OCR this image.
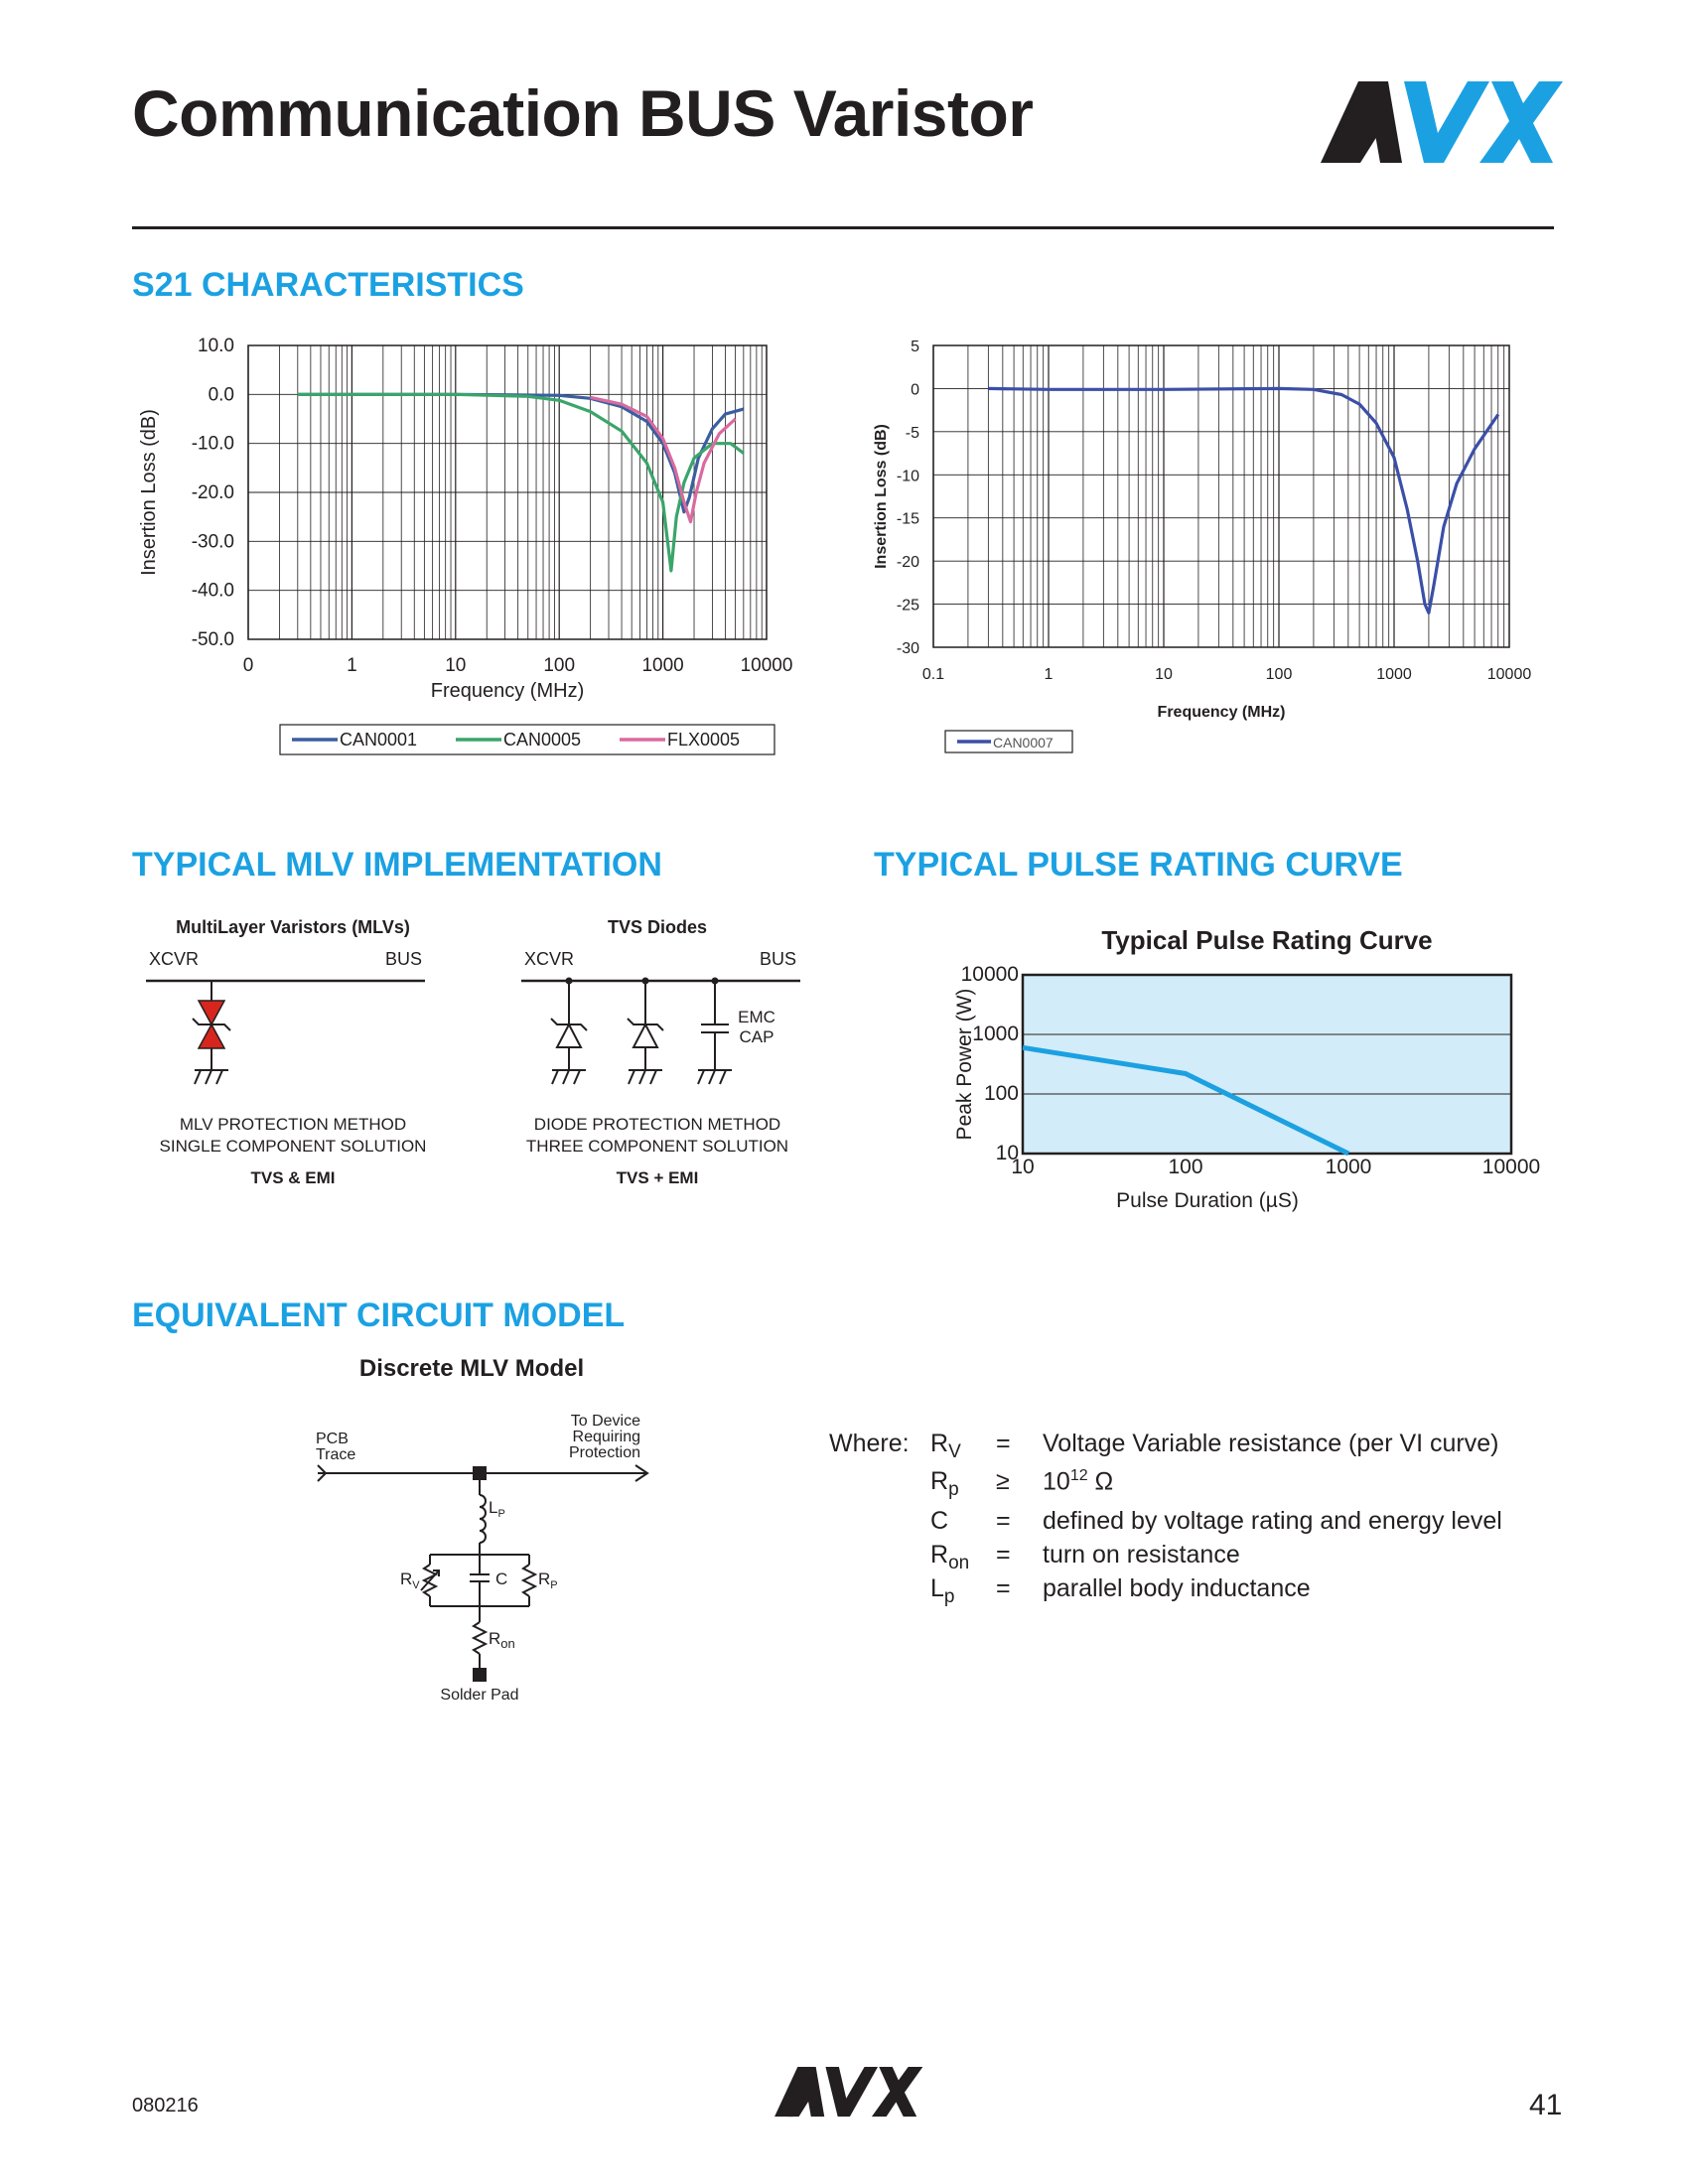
Communication BUS Varistor
S21 CHARACTERISTICS
TYPICAL MLV IMPLEMENTATION	TYPICAL PULSE RATING CURVE
EQUIVALENT CIRCUIT MODEL
10.0
0.0
-10.0
-20.0
-30.0
-40.0
-50.0
0	1	10	100	1000	10000
Frequency (MHz)
Insertion Loss (dB)
CAN0001	CAN0005	FLX0005
5
0
-5
-10
-15
-20
-25
-30
0.1	1	10	100	1000	10000
Frequency (MHz)
Insertion Loss (dB)
CAN0007
Typical Pulse Rating Curve
10000
1000
100
10
10	100	1000	10000
Pulse Duration (µS)
Peak Power (W)
MultiLayer Varistors (MLVs)
XCVR	BUS
MLV PROTECTION METHOD
SINGLE COMPONENT SOLUTION
TVS & EMI
TVS Diodes
XCVR	BUS
EMC
CAP
DIODE PROTECTION METHOD
THREE COMPONENT SOLUTION
TVS + EMI
Discrete MLV Model
PCB
Trace
To Device
Requiring
Protection
$L_P$
$R_V$	C $R_P$
$R_{on}$
Solder Pad
Where: $R_V$ = Voltage Variable resistance (per VI curve)
$R_p \ge 10^{12}$ Ω
C = defined by voltage rating and energy level
$R_{on}$ = turn on resistance
$L_p$ = parallel body inductance
080216	41
